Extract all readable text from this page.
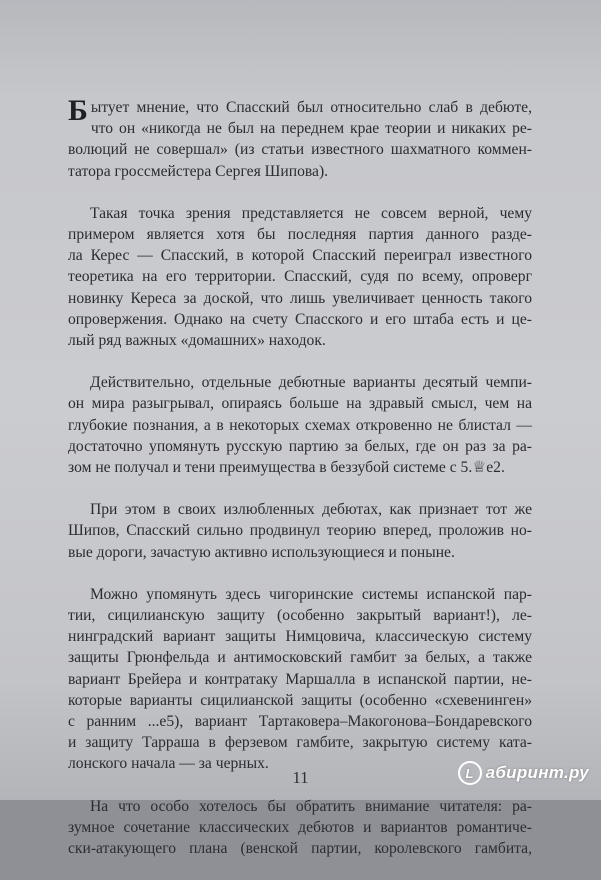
Б ытует мнение, что Спасский был относительно слаб в дебюте,
что он «никогда не был на переднем крае теории и никаких ре-
волюций не совершал» (из статьи известного шахматного коммен-
татора гроссмейстера Сергея Шипова).
Такая точка зрения представляется не совсем верной, чему
примером является хотя бы последняя партия данного разде-
ла Керес — Спасский, в которой Спасский переиграл известного
теоретика на его территории. Спасский, судя по всему, опроверг
новинку Кереса за доской, что лишь увеличивает ценность такого
опровержения. Однако на счету Спасского и его штаба есть и це-
лый ряд важных «домашних» находок.
Действительно, отдельные дебютные варианты десятый чемпи-
он мира разыгрывал, опираясь больше на здравый смысл, чем на
глубокие познания, а в некоторых схемах откровенно не блистал —
достаточно упомянуть русскую партию за белых, где он раз за ра-
зом не получал и тени преимущества в беззубой системе с 5.♕e2.
При этом в своих излюбленных дебютах, как признает тот же
Шипов, Спасский сильно продвинул теорию вперед, проложив но-
вые дороги, зачастую активно использующиеся и поныне.
Можно упомянуть здесь чигоринские системы испанской пар-
тии, сицилианскую защиту (особенно закрытый вариант!), ле-
нинградский вариант защиты Нимцовича, классическую систему
защиты Грюнфельда и антимосковский гамбит за белых, а также
вариант Брейера и контратаку Маршалла в испанской партии, не-
которые варианты сицилианской защиты (особенно «схевенинген»
с ранним ...e5), вариант Тартаковера–Макогонова–Бондаревского
и защиту Тарраша в ферзевом гамбите, закрытую систему ката-
лонского начала — за черных.
На что особо хотелось бы обратить внимание читателя: ра-
зумное сочетание классических дебютов и вариантов романтиче-
ски-атакующего плана (венской партии, королевского гамбита,
11	L абиринт.ру
